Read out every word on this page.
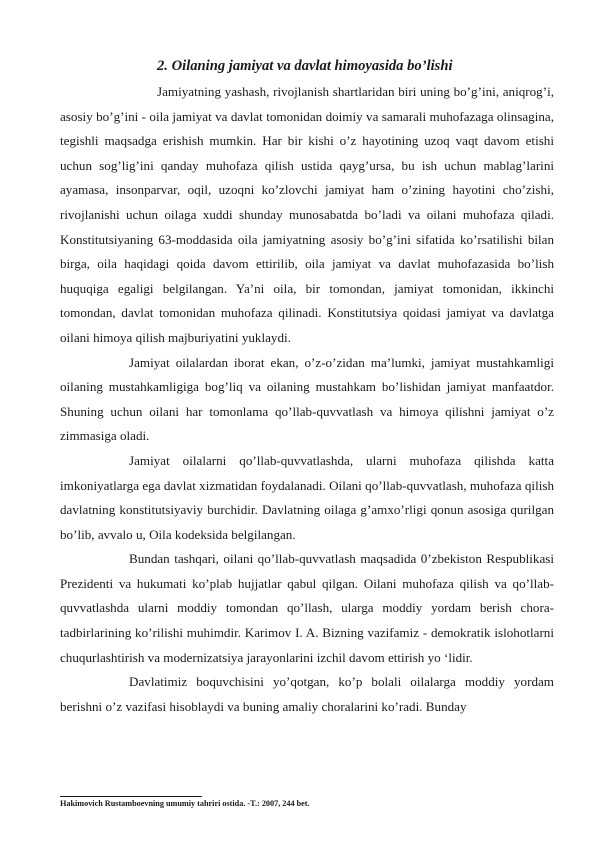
2. Oilaning jamiyat va davlat himoyasida bo’lishi

Jamiyatning yashash, rivojlanish shartlaridan biri uning bo’g’ini, aniqrog’i, asosiy bo’g’ini - oila jamiyat va davlat tomonidan doimiy va samarali muhofazaga olinsagina, tegishli maqsadga erishish mumkin. Har bir kishi o’z hayotining uzoq vaqt davom etishi uchun sog’lig’ini qanday muhofaza qilish ustida qayg’ursa, bu ish uchun mablag’larini ayamasa, insonparvar, oqil, uzoqni ko’zlovchi jamiyat ham o’zining hayotini cho’zishi, rivojlanishi uchun oilaga xuddi shunday munosabatda bo’ladi va oilani muhofaza qiladi. Konstitutsiyaning 63-moddasida oila jamiyatning asosiy bo’g’ini sifatida ko’rsatilishi bilan birga, oila haqidagi qoida davom ettirilib, oila jamiyat va davlat muhofazasida bo’lish huquqiga egaligi belgilangan. Ya’ni oila, bir tomondan, jamiyat tomonidan, ikkinchi tomondan, davlat tomonidan muhofaza qilinadi. Konstitutsiya qoidasi jamiyat va davlatga oilani himoya qilish majburiyatini yuklaydi.

Jamiyat oilalardan iborat ekan, o’z-o’zidan ma’lumki, jamiyat mustahkamligi oilaning mustahkamligiga bog’liq va oilaning mustahkam bo’lishidan jamiyat manfaatdor. Shuning uchun oilani har tomonlama qo’llab-quvvatlash va himoya qilishni jamiyat o’z zimmasiga oladi.

Jamiyat oilalarni qo’llab-quvvatlashda, ularni muhofaza qilishda katta imkoniyatlarga ega davlat xizmatidan foydalanadi. Oilani qo’llab-quvvatlash, muhofaza qilish davlatning konstitutsiyaviy burchidir. Davlatning oilaga g’amxo’rligi qonun asosiga qurilgan bo’lib, avvalo u, Oila kodeksida belgilangan.

Bundan tashqari, oilani qo’llab-quvvatlash maqsadida 0’zbekiston Respublikasi Prezidenti va hukumati ko’plab hujjatlar qabul qilgan. Oilani muhofaza qilish va qo’llab-quvvatlashda ularni moddiy tomondan qo’llash, ularga moddiy yordam berish chora-tadbirlarining ko’rilishi muhimdir. Karimov I. A. Bizning vazifamiz - demokratik islohotlarni chuqurlashtirish va modernizatsiya jarayonlarini izchil davom ettirish yo ‘lidir.

Davlatimiz boquvchisini yo’qotgan, ko’p bolali oilalarga moddiy yordam berishni o’z vazifasi hisoblaydi va buning amaliy choralarini ko’radi. Bunday

Hakimovich Rustamboevning umumiy tahriri ostida. -T.: 2007, 244 bet.
